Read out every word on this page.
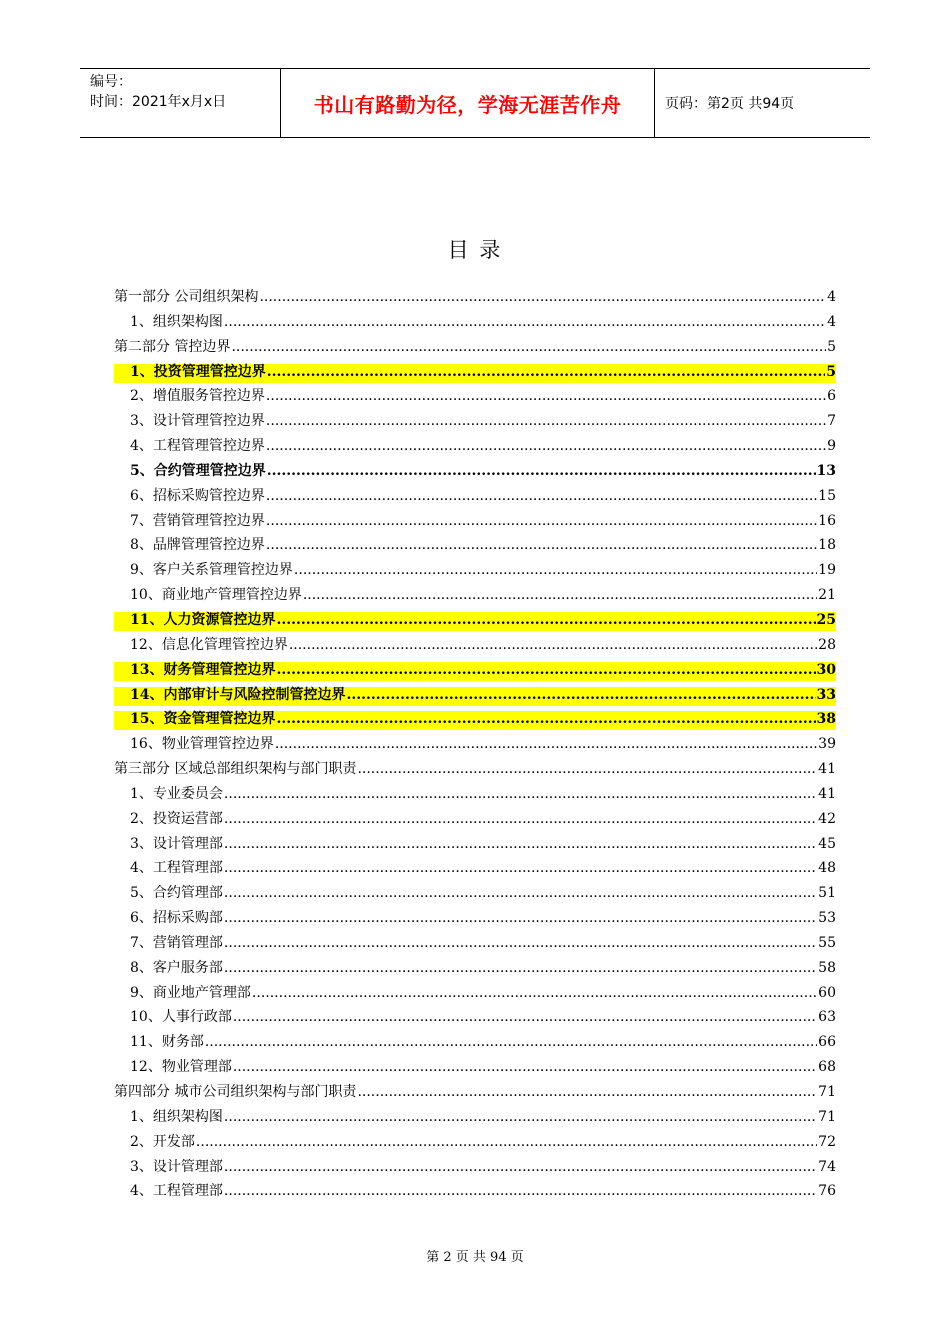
编号：
时间：2021年x月x日	书山有路勤为径，学海无涯苦作舟	页码：第2页 共94页
目 录
第一部分 公司组织架构 .....	4
1、组织架构图 .....	4
第二部分 管控边界 .....	5
1、投资管理管控边界 .....	5
2、增值服务管控边界 .....	6
3、设计管理管控边界 .....	7
4、工程管理管控边界 .....	9
5、合约管理管控边界 .....	13
6、招标采购管控边界 .....	15
7、营销管理管控边界 .....	16
8、品牌管理管控边界 .....	18
9、客户关系管理管控边界 .....	19
10、商业地产管理管控边界 .....	21
11、人力资源管控边界 .....	25
12、信息化管理管控边界 .....	28
13、财务管理管控边界 .....	30
14、内部审计与风险控制管控边界 .....	33
15、资金管理管控边界 .....	38
16、物业管理管控边界 .....	39
第三部分 区域总部组织架构与部门职责 .....	41
1、专业委员会 .....	41
2、投资运营部 .....	42
3、设计管理部 .....	45
4、工程管理部 .....	48
5、合约管理部 .....	51
6、招标采购部 .....	53
7、营销管理部 .....	55
8、客户服务部 .....	58
9、商业地产管理部 .....	60
10、人事行政部 .....	63
11、财务部 .....	66
12、物业管理部 .....	68
第四部分 城市公司组织架构与部门职责 .....	71
1、组织架构图 .....	71
2、开发部 .....	72
3、设计管理部 .....	74
4、工程管理部 .....	76
第 2 页 共 94 页
